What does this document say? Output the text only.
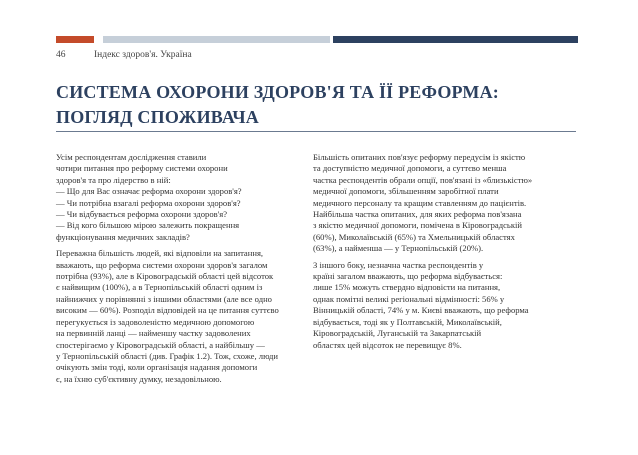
46	Індекс здоров'я. Україна
СИСТЕМА ОХОРОНИ ЗДОРОВ'Я ТА ЇЇ РЕФОРМА:
ПОГЛЯД СПОЖИВАЧА

Усім респондентам дослідження ставили
чотири питання про реформу системи охорони
здоров'я та про лідерство в ній:
— Що для Вас означає реформа охорони здоров'я?
— Чи потрібна взагалі реформа охорони здоров'я?
— Чи відбувається реформа охорони здоров'я?
— Від кого більшою мірою залежить покращення
функціонування медичних закладів?

Переважна більшість людей, які відповіли на запитання,
вважають, що реформа системи охорони здоров'я загалом
потрібна (93%), але в Кіровоградській області цей відсоток
є найвищим (100%), а в Тернопільській області одним із
найнижчих у порівнянні з іншими областями (але все одно
високим — 60%). Розподіл відповідей на це питання суттєво
перегукується із задоволеністю медичною допомогою
на первинній ланці — найменшу частку задоволених
спостерігаємо у Кіровоградській області, а найбільшу —
у Тернопільській області (див. Графік 1.2). Тож, схоже, люди
очікують змін тоді, коли організація надання допомоги
є, на їхню суб'єктивну думку, незадовільною.

Більшість опитаних пов'язує реформу передусім із якістю
та доступністю медичної допомоги, а суттєво менша
частка респондентів обрали опції, пов'язані із «близькістю»
медичної допомоги, збільшенням заробітної плати
медичного персоналу та кращим ставленням до пацієнтів.
Найбільша частка опитаних, для яких реформа пов'язана
з якістю медичної допомоги, помічена в Кіровоградській
(60%), Миколаївській (65%) та Хмельницькій областях
(63%), а найменша — у Тернопільській (20%).

З іншого боку, незначна частка респондентів у
країні загалом вважають, що реформа відбувається:
лише 15% можуть ствердно відповісти на питання,
однак помітні великі регіональні відмінності: 56% у
Вінницькій області, 74% у м. Києві вважають, що реформа
відбувається, тоді як у Полтавській, Миколаївській,
Кіровоградській, Луганській та Закарпатській
областях цей відсоток не перевищує 8%.
